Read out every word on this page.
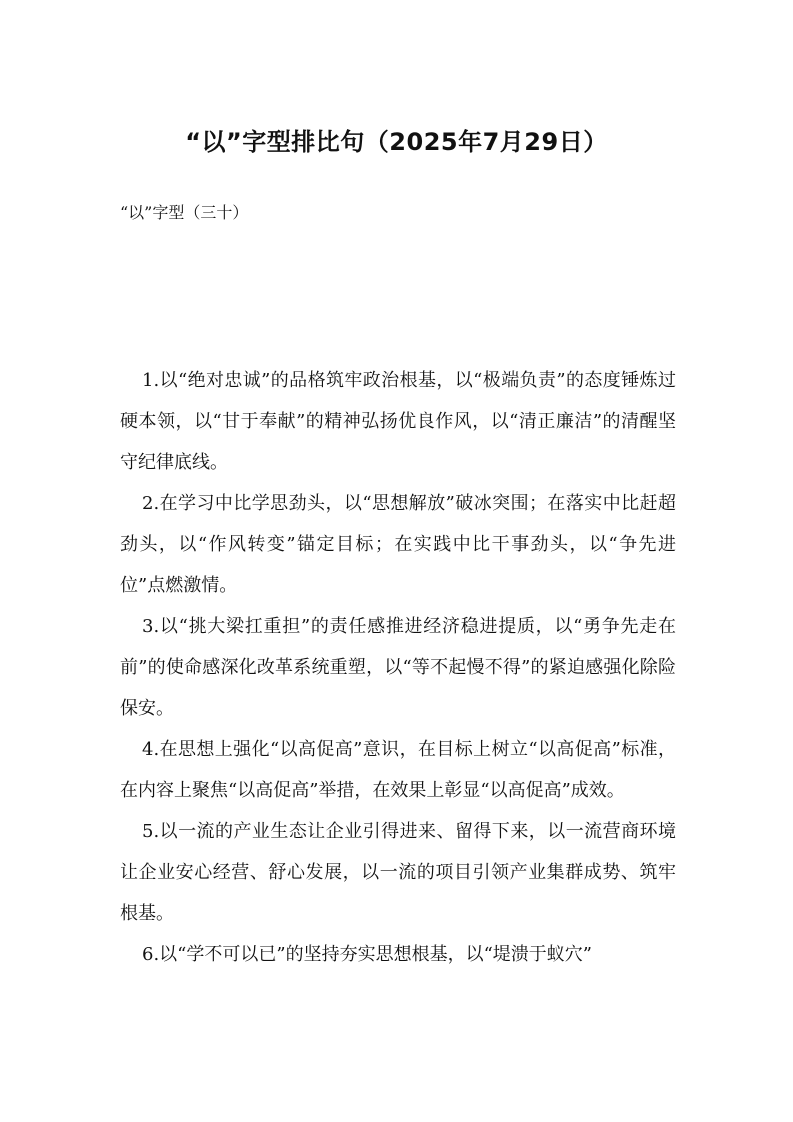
“以”字型排比句（2025年7月29日）
“以”字型（三十）

1.以“绝对忠诚”的品格筑牢政治根基，以“极端负责”的态度锤炼过硬本领，以“甘于奉献”的精神弘扬优良作风，以“清正廉洁”的清醒坚守纪律底线。

2.在学习中比学思劲头，以“思想解放”破冰突围；在落实中比赶超劲头，以“作风转变”锚定目标；在实践中比干事劲头，以“争先进位”点燃激情。

3.以“挑大梁扛重担”的责任感推进经济稳进提质，以“勇争先走在前”的使命感深化改革系统重塑，以“等不起慢不得”的紧迫感强化除险保安。

4.在思想上强化“以高促高”意识，在目标上树立“以高促高”标准，在内容上聚焦“以高促高”举措，在效果上彰显“以高促高”成效。

5.以一流的产业生态让企业引得进来、留得下来，以一流营商环境让企业安心经营、舒心发展，以一流的项目引领产业集群成势、筑牢根基。

6.以“学不可以已”的坚持夯实思想根基，以“堤溃于蚁穴”
